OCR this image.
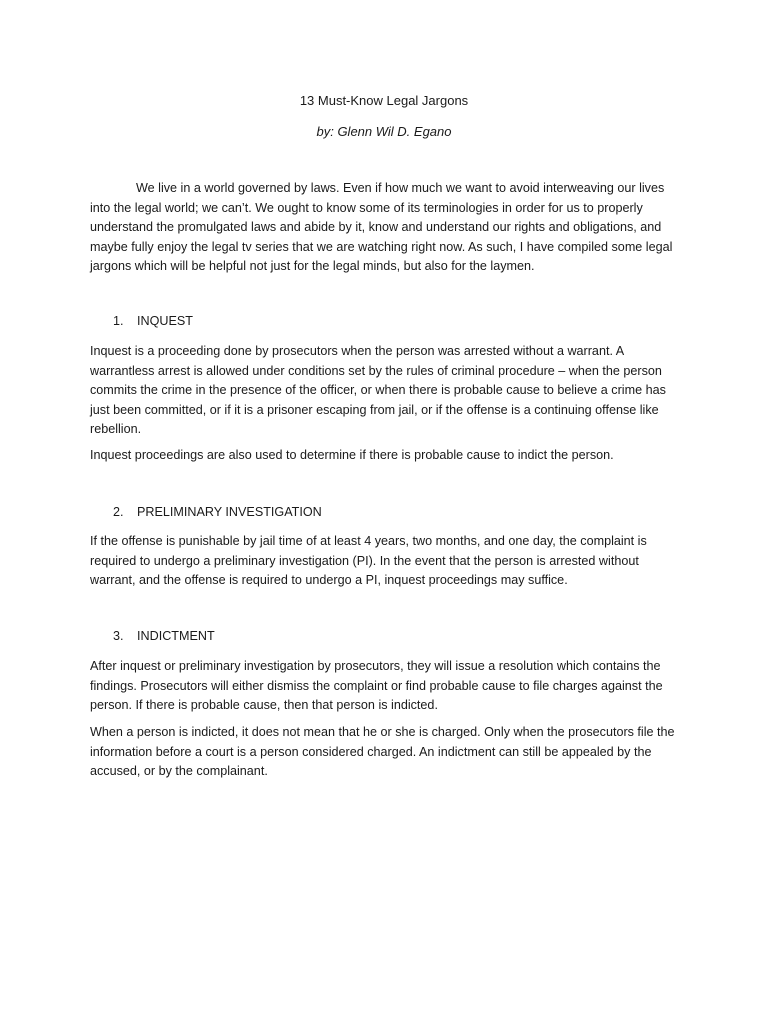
13 Must-Know Legal Jargons

by: Glenn Wil D. Egano

We live in a world governed by laws. Even if how much we want to avoid interweaving our lives into the legal world; we can’t. We ought to know some of its terminologies in order for us to properly understand the promulgated laws and abide by it, know and understand our rights and obligations, and maybe fully enjoy the legal tv series that we are watching right now. As such, I have compiled some legal jargons which will be helpful not just for the legal minds, but also for the laymen.

1. INQUEST

Inquest is a proceeding done by prosecutors when the person was arrested without a warrant. A warrantless arrest is allowed under conditions set by the rules of criminal procedure – when the person commits the crime in the presence of the officer, or when there is probable cause to believe a crime has just been committed, or if it is a prisoner escaping from jail, or if the offense is a continuing offense like rebellion.

Inquest proceedings are also used to determine if there is probable cause to indict the person.

2. PRELIMINARY INVESTIGATION

If the offense is punishable by jail time of at least 4 years, two months, and one day, the complaint is required to undergo a preliminary investigation (PI). In the event that the person is arrested without warrant, and the offense is required to undergo a PI, inquest proceedings may suffice.

3. INDICTMENT

After inquest or preliminary investigation by prosecutors, they will issue a resolution which contains the findings. Prosecutors will either dismiss the complaint or find probable cause to file charges against the person. If there is probable cause, then that person is indicted.

When a person is indicted, it does not mean that he or she is charged. Only when the prosecutors file the information before a court is a person considered charged. An indictment can still be appealed by the accused, or by the complainant.
